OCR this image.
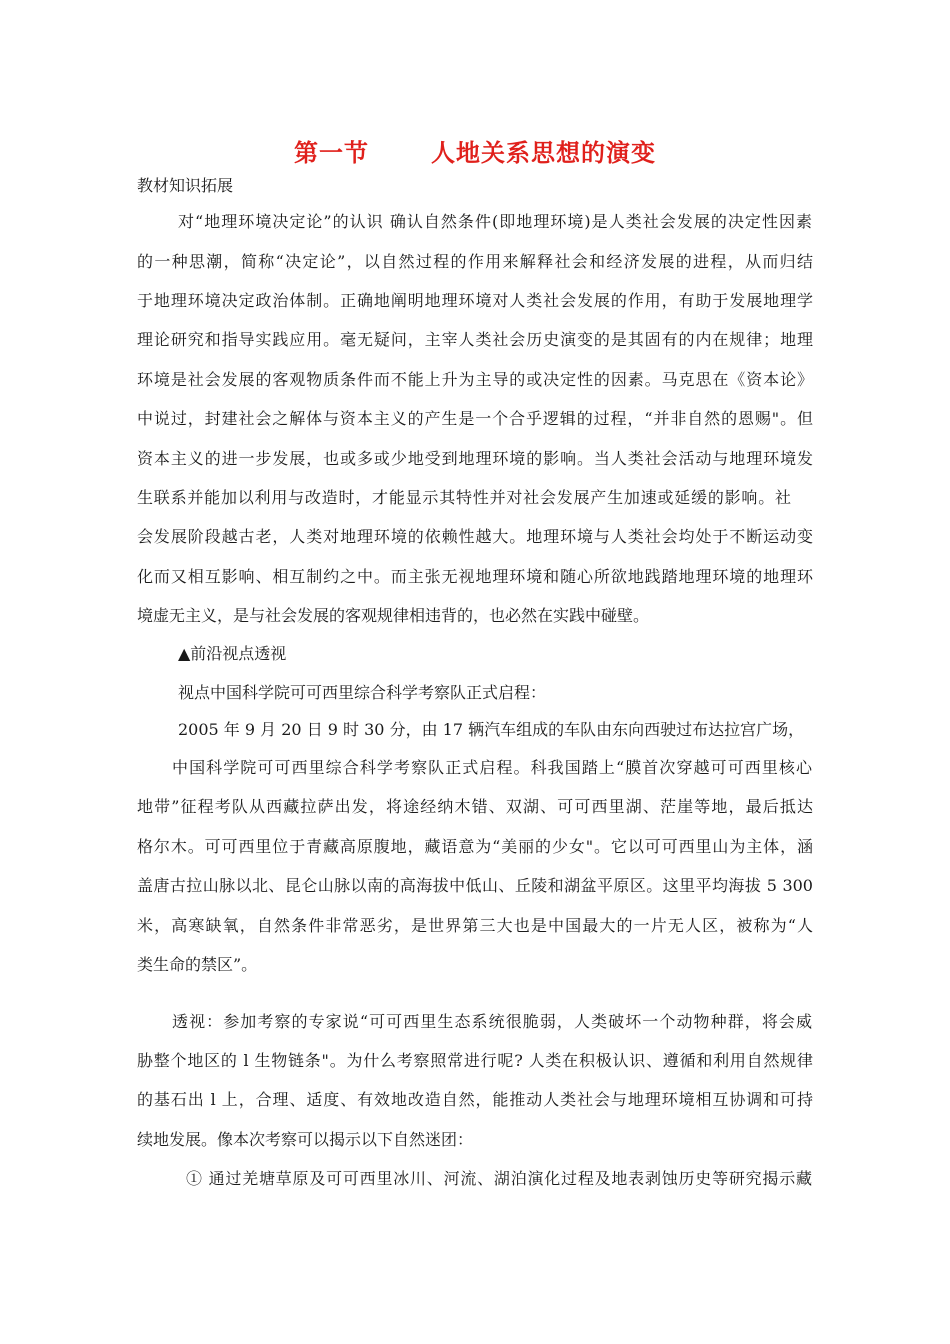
第一节	人地关系思想的演变
教材知识拓展
对“地理环境决定论”的认识 确认自然条件(即地理环境)是人类社会发展的决定性因素
的一种思潮，简称“决定论”，以自然过程的作用来解释社会和经济发展的进程，从而归结
于地理环境决定政治体制。正确地阐明地理环境对人类社会发展的作用，有助于发展地理学
理论研究和指导实践应用。毫无疑问，主宰人类社会历史演变的是其固有的内在规律；地理
环境是社会发展的客观物质条件而不能上升为主导的或决定性的因素。马克思在《资本论》
中说过，封建社会之解体与资本主义的产生是一个合乎逻辑的过程，“并非自然的恩赐"。但
资本主义的进一步发展，也或多或少地受到地理环境的影响。当人类社会活动与地理环境发
生联系并能加以利用与改造时，才能显示其特性并对社会发展产生加速或延缓的影响。社
会发展阶段越古老，人类对地理环境的依赖性越大。地理环境与人类社会均处于不断运动变
化而又相互影响、相互制约之中。而主张无视地理环境和随心所欲地践踏地理环境的地理环
境虚无主义，是与社会发展的客观规律相违背的，也必然在实践中碰壁。
▲前沿视点透视
视点中国科学院可可西里综合科学考察队正式启程：
2005 年 9 月 20 日 9 时 30 分，由 17 辆汽车组成的车队由东向西驶过布达拉宫广场，
中国科学院可可西里综合科学考察队正式启程。科我国踏上“膜首次穿越可可西里核心
地带”征程考队从西藏拉萨出发，将途经纳木错、双湖、可可西里湖、茫崖等地，最后抵达
格尔木。可可西里位于青藏高原腹地，藏语意为“美丽的少女"。它以可可西里山为主体，涵
盖唐古拉山脉以北、昆仑山脉以南的高海拔中低山、丘陵和湖盆平原区。这里平均海拔 5 300
米，高寒缺氧，自然条件非常恶劣，是世界第三大也是中国最大的一片无人区，被称为“人
类生命的禁区”。
透视：参加考察的专家说“可可西里生态系统很脆弱，人类破坏一个动物种群，将会威
胁整个地区的 l 生物链条"。为什么考察照常进行呢? 人类在积极认识、遵循和利用自然规律
的基石出 l 上，合理、适度、有效地改造自然，能推动人类社会与地理环境相互协调和可持
续地发展。像本次考察可以揭示以下自然迷团：
① 通过羌塘草原及可可西里冰川、河流、湖泊演化过程及地表剥蚀历史等研究揭示藏
